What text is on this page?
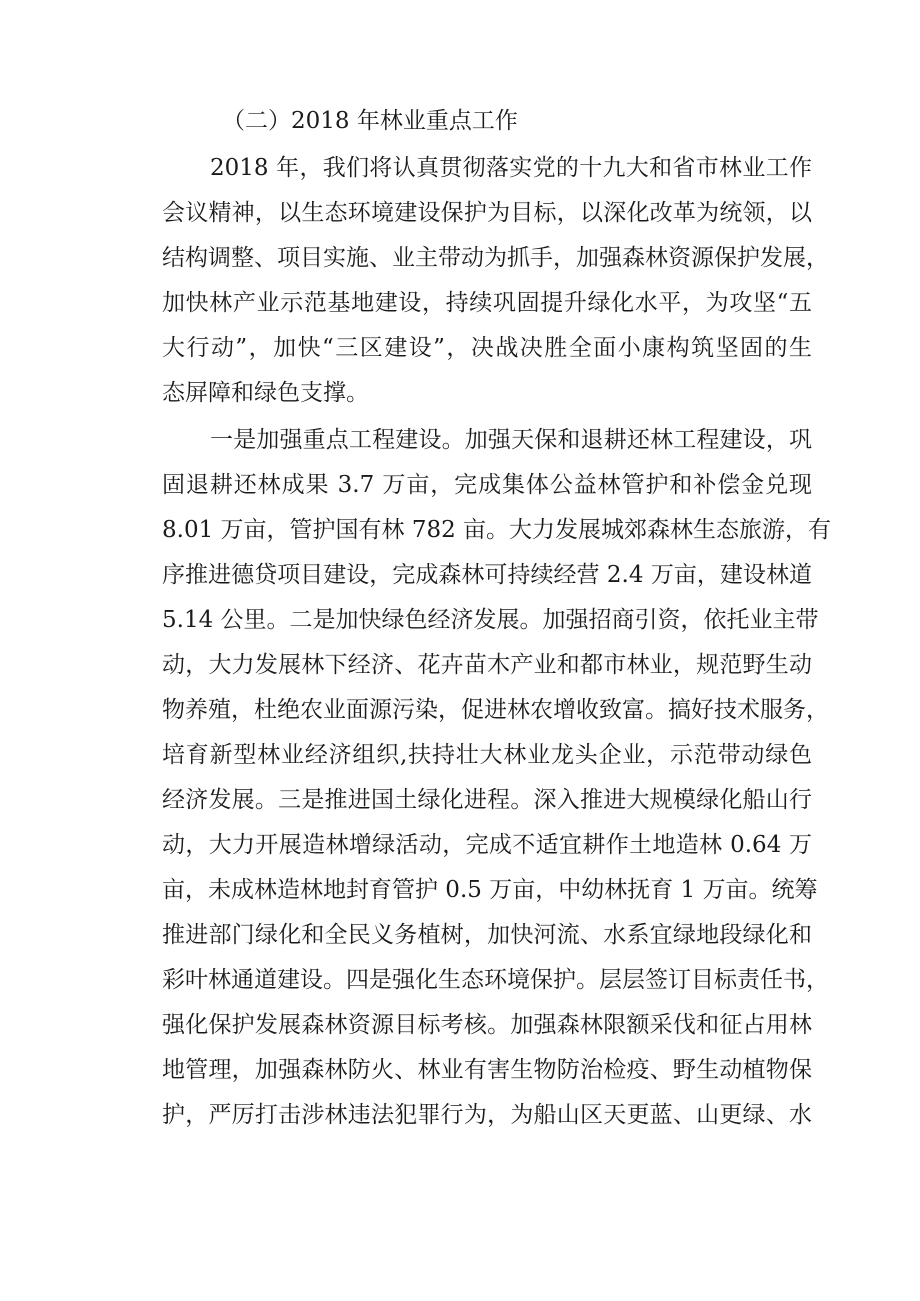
（二）2018 年林业重点工作
2018 年，我们将认真贯彻落实党的十九大和省市林业工作
会议精神，以生态环境建设保护为目标，以深化改革为统领，以
结构调整、项目实施、业主带动为抓手，加强森林资源保护发展，
加快林产业示范基地建设，持续巩固提升绿化水平，为攻坚“五
大行动”，加快“三区建设”，决战决胜全面小康构筑坚固的生
态屏障和绿色支撑。
一是加强重点工程建设。加强天保和退耕还林工程建设，巩
固退耕还林成果 3.7 万亩，完成集体公益林管护和补偿金兑现
8.01 万亩，管护国有林 782 亩。大力发展城郊森林生态旅游，有
序推进德贷项目建设，完成森林可持续经营 2.4 万亩，建设林道
5.14 公里。二是加快绿色经济发展。加强招商引资，依托业主带
动，大力发展林下经济、花卉苗木产业和都市林业，规范野生动
物养殖，杜绝农业面源污染，促进林农增收致富。搞好技术服务，
培育新型林业经济组织,扶持壮大林业龙头企业，示范带动绿色
经济发展。三是推进国土绿化进程。深入推进大规模绿化船山行
动，大力开展造林增绿活动，完成不适宜耕作土地造林 0.64 万
亩，未成林造林地封育管护 0.5 万亩，中幼林抚育 1 万亩。统筹
推进部门绿化和全民义务植树，加快河流、水系宜绿地段绿化和
彩叶林通道建设。四是强化生态环境保护。层层签订目标责任书，
强化保护发展森林资源目标考核。加强森林限额采伐和征占用林
地管理，加强森林防火、林业有害生物防治检疫、野生动植物保
护，严厉打击涉林违法犯罪行为，为船山区天更蓝、山更绿、水
